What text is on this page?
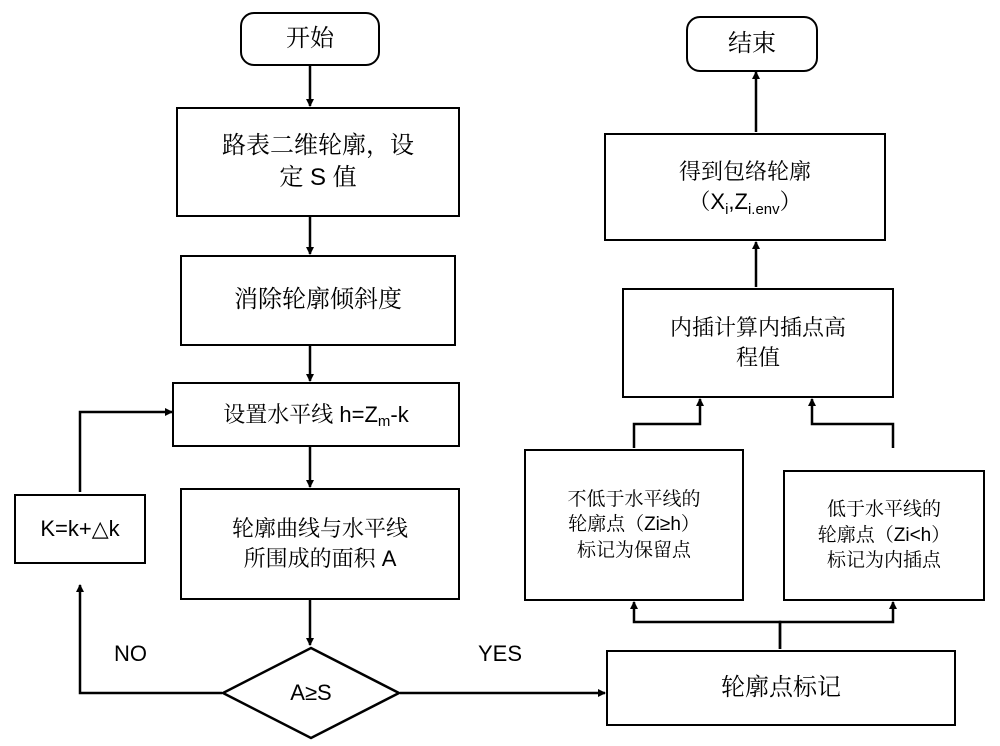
开始
路表二维轮廓，设
定 S 值
消除轮廓倾斜度
设置水平线 $h=Z_m-k$
轮廓曲线与水平线
所围成的面积 A
K=k+△k
A≥S
NO	YES
轮廓点标记
不低于水平线的
轮廓点（Zi≥h）
标记为保留点
低于水平线的
轮廓点（Zi<h）
标记为内插点
内插计算内插点高
程值
得到包络轮廓
$(X_i,Z_{i.env})$
结束
